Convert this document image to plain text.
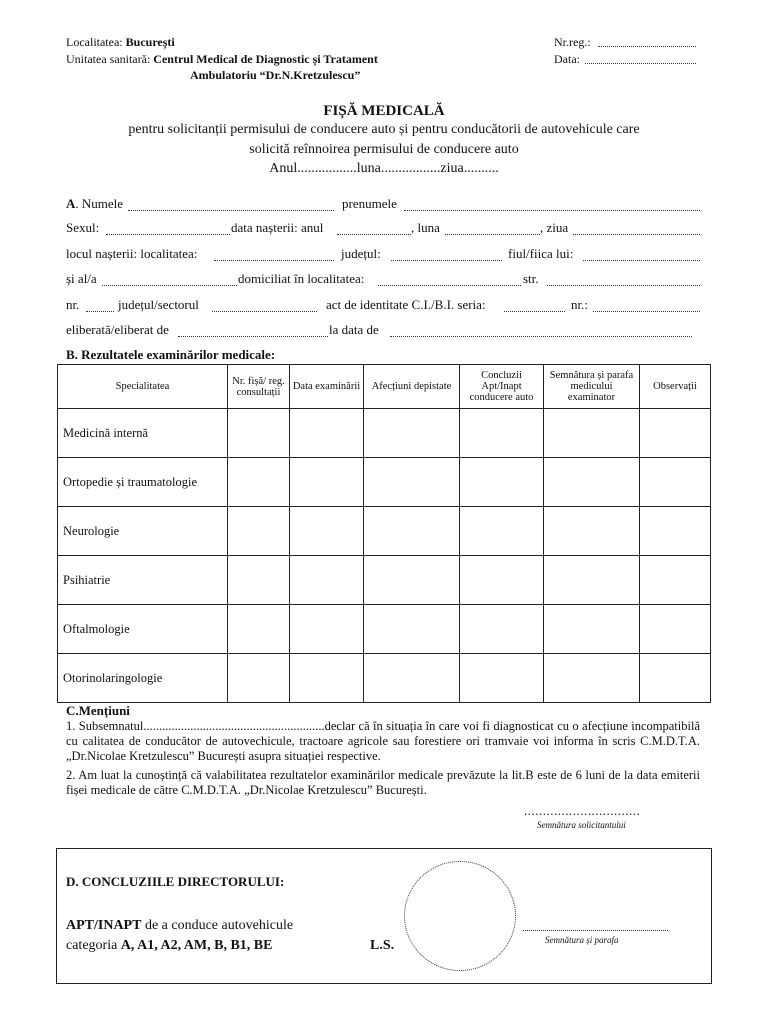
Localitatea: București
Unitatea sanitară: Centrul Medical de Diagnostic și Tratament
Ambulatoriu “Dr.N.Kretzulescu”
Nr.reg.:
Data:
FIȘĂ MEDICALĂ
pentru solicitanții permisului de conducere auto și pentru conducătorii de autovehicule care
solicită reînnoirea permisului de conducere auto
Anul.................luna.................ziua..........
A. Numele	prenumele
Sexul:	data nașterii: anul	, luna	, ziua
locul nașterii: localitatea:	județul:	fiul/fiica lui:
și al/a	domiciliat în localitatea:	str.
nr.	județul/sectorul	act de identitate C.I./B.I. seria:	nr.:
eliberată/eliberat de	la data de
B. Rezultatele examinărilor medicale:
Specialitatea	Nr. fișă/ reg. consultații	Data examinării	Afecțiuni depistate	Concluzii Apt/Inapt conducere auto	Semnătura și parafa medicului examinator	Observații
Medicină internă						
Ortopedie și traumatologie						
Neurologie						
Psihiatrie						
Oftalmologie						
Otorinolaringologie						
C.Mențiuni
1. Subsemnatul..........................................................declar că în situația în care voi fi diagnosticat cu o afecțiune incompatibilă cu calitatea de conducător de autovechicule, tractoare agricole sau forestiere ori tramvaie voi informa în scris C.M.D.T.A. „Dr.Nicolae Kretzulescu” București asupra situației respective.
2. Am luat la cunoștință că valabilitatea rezultatelor examinărilor medicale prevăzute la lit.B este de 6 luni de la data emiterii fișei medicale de către C.M.D.T.A. „Dr.Nicolae Kretzulescu” București.
...............................
Semnătura solicitantului
D. CONCLUZIILE DIRECTORULUI:
APT/INAPT de a conduce autovehicule
categoria A, A1, A2, AM, B, B1, BE	L.S.	Semnătura și parafa
